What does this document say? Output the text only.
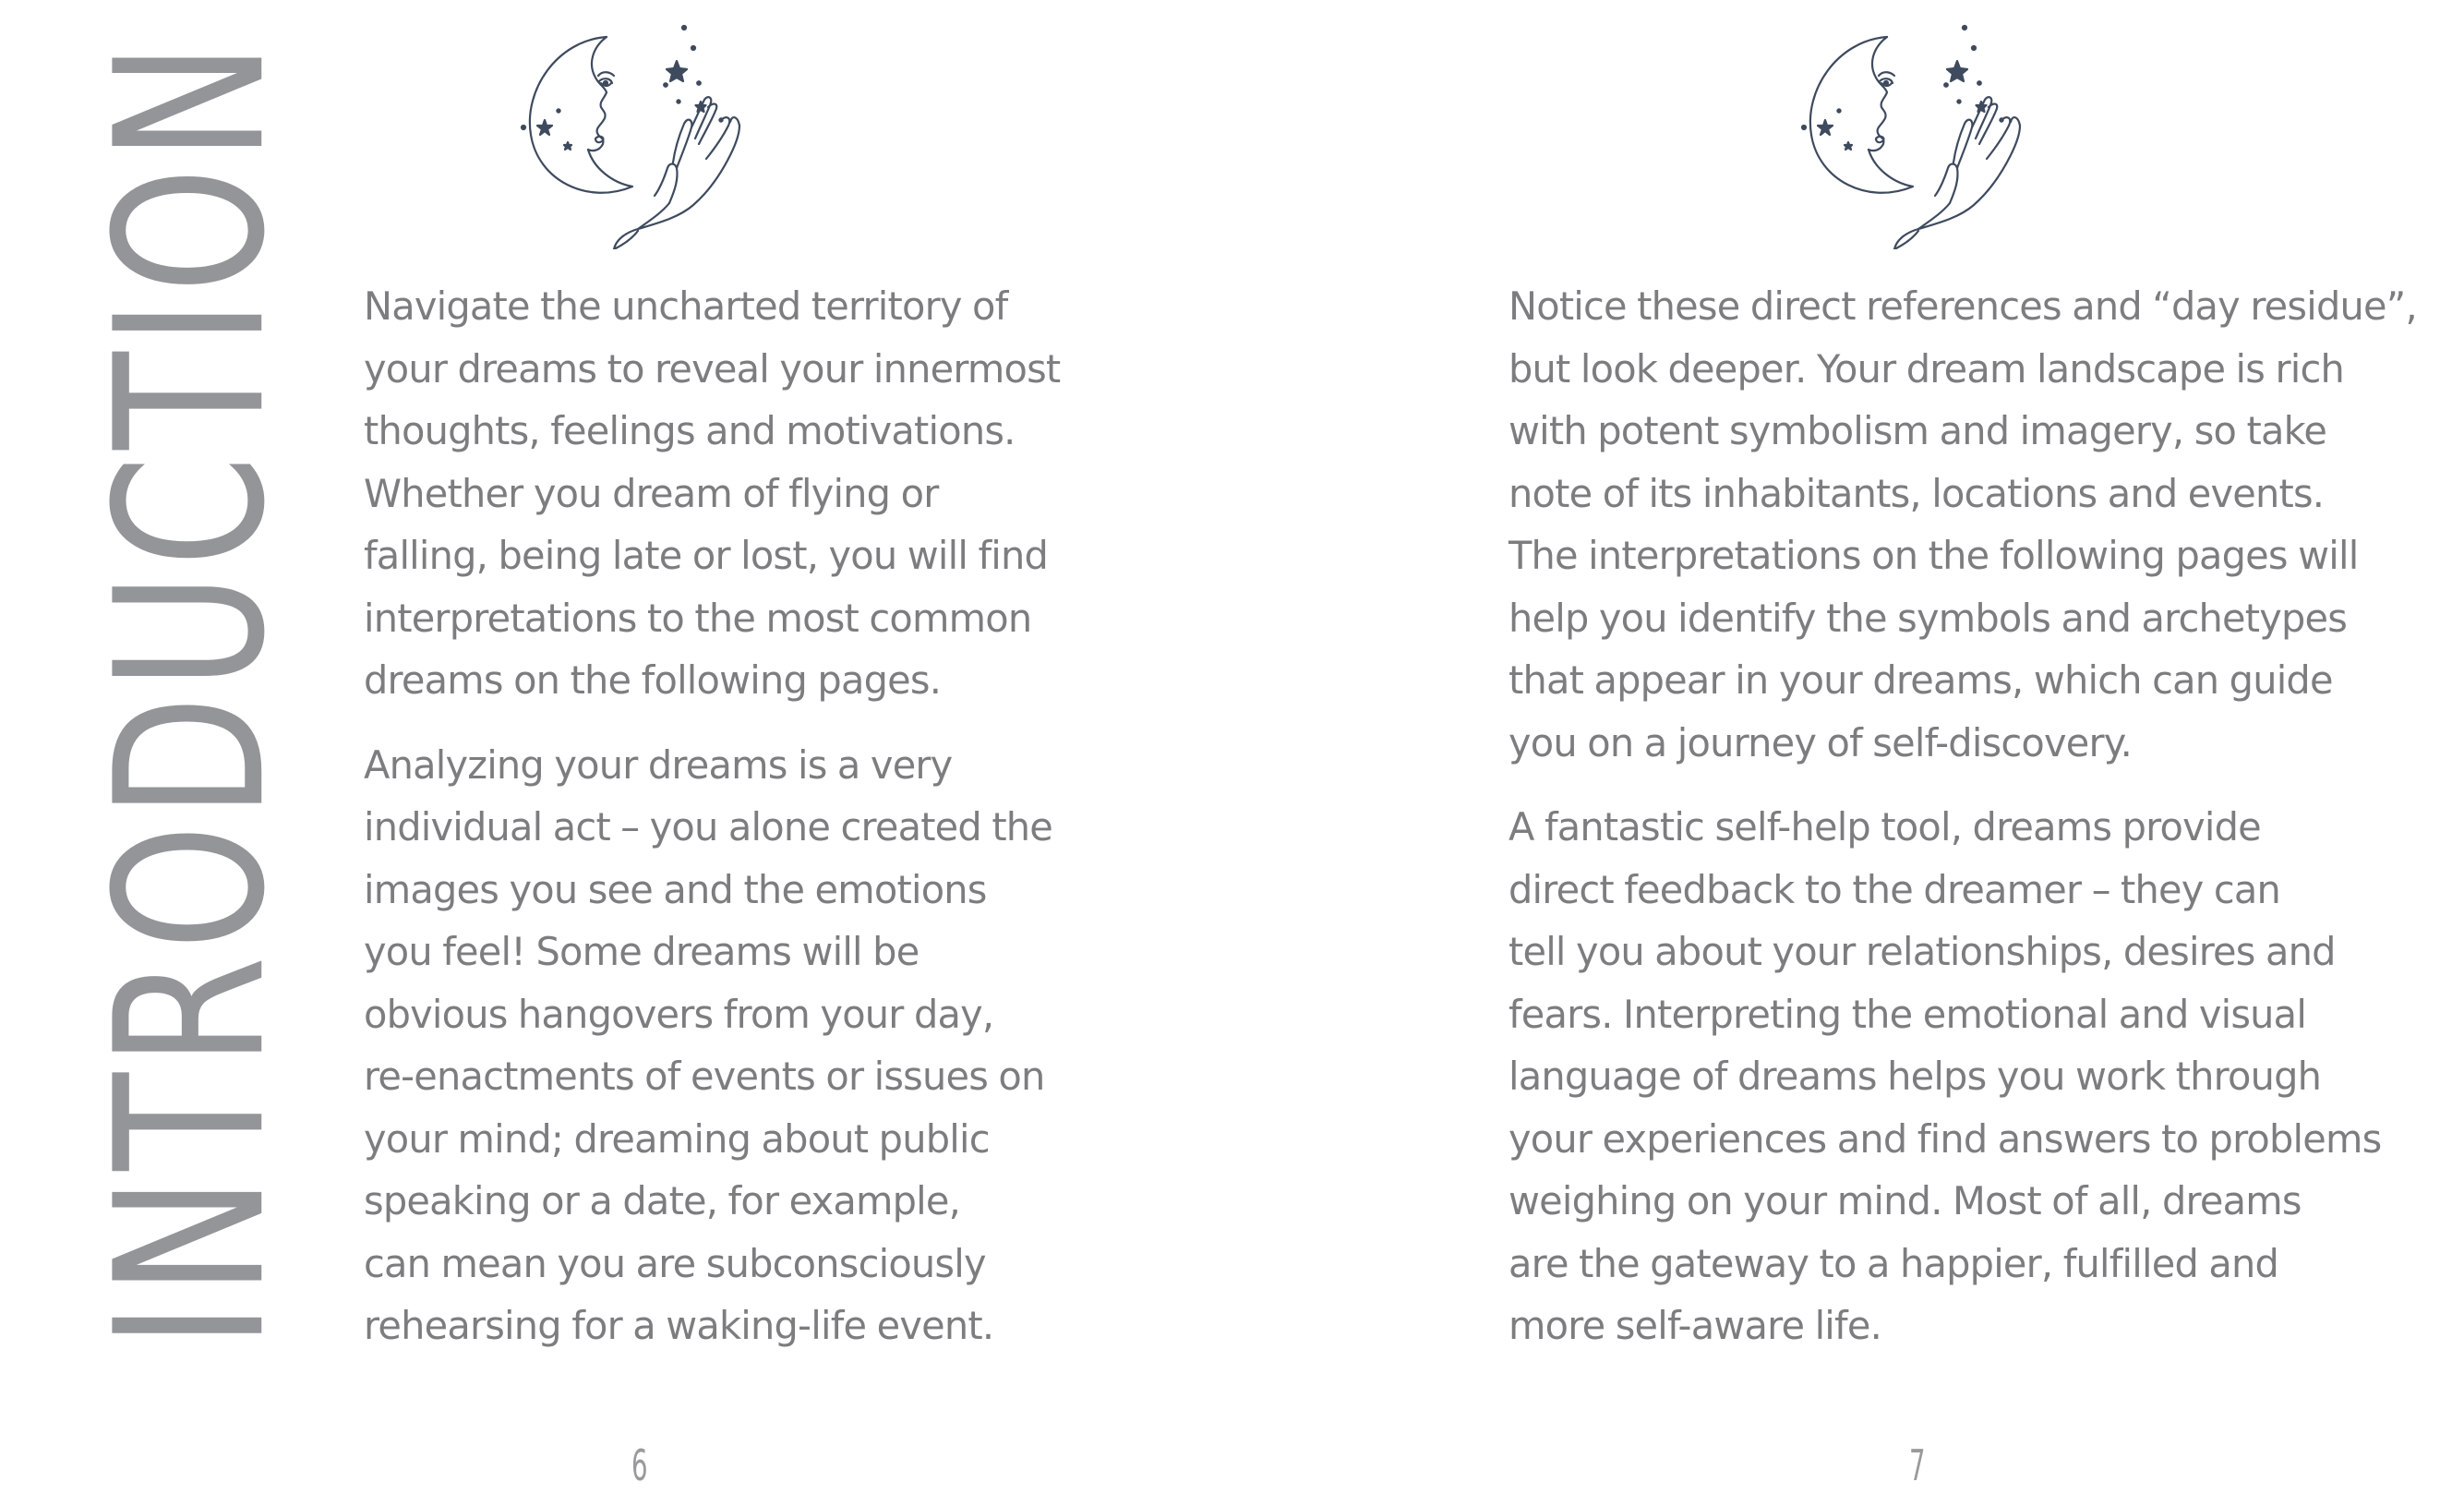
INTRODUCTION Navigate the uncharted territory of
your dreams to reveal your innermost
thoughts, feelings and motivations.
Whether you dream of flying or
falling, being late or lost, you will find
interpretations to the most common
dreams on the following pages.

Analyzing your dreams is a very
individual act – you alone created the
images you see and the emotions
you feel! Some dreams will be
obvious hangovers from your day,
re-enactments of events or issues on
your mind; dreaming about public
speaking or a date, for example,
can mean you are subconsciously
rehearsing for a waking-life event.

6

Notice these direct references and “day residue”,
but look deeper. Your dream landscape is rich
with potent symbolism and imagery, so take
note of its inhabitants, locations and events.
The interpretations on the following pages will
help you identify the symbols and archetypes
that appear in your dreams, which can guide
you on a journey of self-discovery.

A fantastic self-help tool, dreams provide
direct feedback to the dreamer – they can
tell you about your relationships, desires and
fears. Interpreting the emotional and visual
language of dreams helps you work through
your experiences and find answers to problems
weighing on your mind. Most of all, dreams
are the gateway to a happier, fulfilled and
more self-aware life.

7
